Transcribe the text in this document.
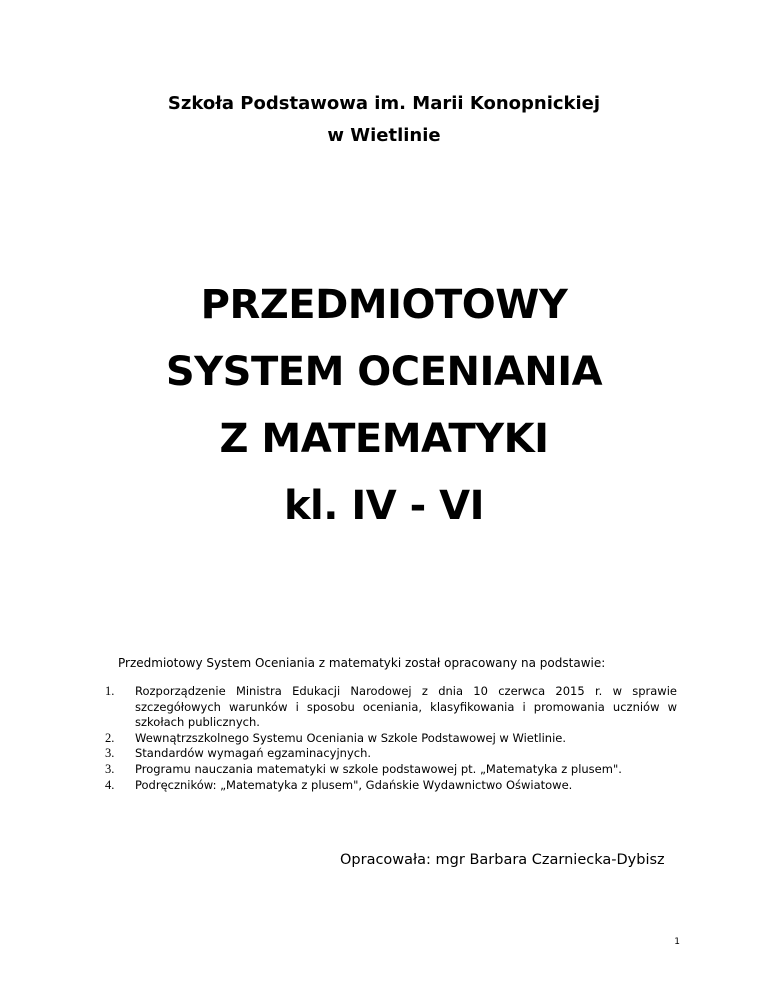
Szkoła Podstawowa im. Marii Konopnickiej
w Wietlinie
PRZEDMIOTOWY
SYSTEM OCENIANIA
Z MATEMATYKI
kl. IV - VI
Przedmiotowy System Oceniania z matematyki został opracowany na podstawie:
1.	Rozporządzenie Ministra Edukacji Narodowej z dnia 10 czerwca 2015 r. w sprawie szczegółowych warunków i sposobu oceniania, klasyfikowania i promowania uczniów w szkołach publicznych.
2.	Wewnątrzszkolnego Systemu Oceniania w Szkole Podstawowej w Wietlinie.
3.	Standardów wymagań egzaminacyjnych.
3.	Programu nauczania matematyki w szkole podstawowej pt. „Matematyka z plusem".
4.	Podręczników: „Matematyka z plusem", Gdańskie Wydawnictwo Oświatowe.
Opracowała: mgr Barbara Czarniecka-Dybisz
1
